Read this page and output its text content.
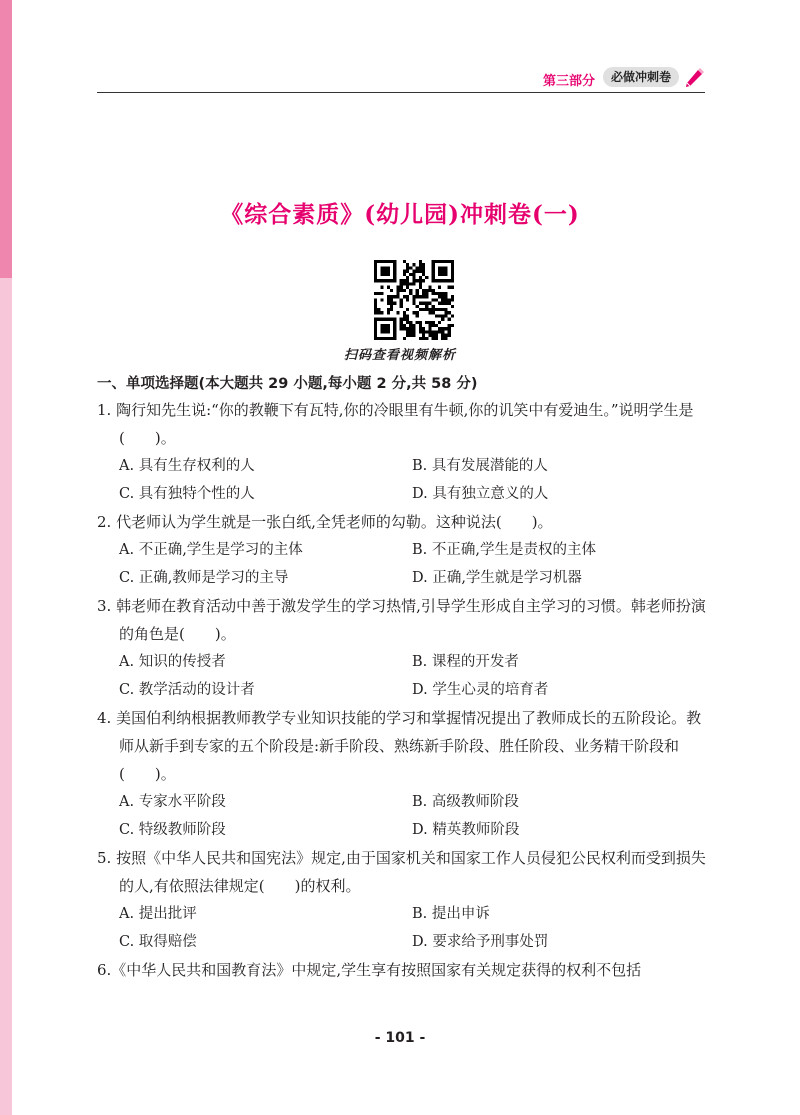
第三部分	必做冲刺卷
《综合素质》(幼儿园)冲刺卷(一)
扫码查看视频解析
一、单项选择题(本大题共 29 小题,每小题 2 分,共 58 分)

1. 陶行知先生说:“你的教鞭下有瓦特,你的冷眼里有牛顿,你的讥笑中有爱迪生。”说明学生是(　　)。

A. 具有生存权利的人	B. 具有发展潜能的人
C. 具有独特个性的人	D. 具有独立意义的人

2. 代老师认为学生就是一张白纸,全凭老师的勾勒。这种说法(　　)。

A. 不正确,学生是学习的主体	B. 不正确,学生是责权的主体
C. 正确,教师是学习的主导	D. 正确,学生就是学习机器

3. 韩老师在教育活动中善于激发学生的学习热情,引导学生形成自主学习的习惯。韩老师扮演的角色是(　　)。

A. 知识的传授者	B. 课程的开发者
C. 教学活动的设计者	D. 学生心灵的培育者

4. 美国伯利纳根据教师教学专业知识技能的学习和掌握情况提出了教师成长的五阶段论。教师从新手到专家的五个阶段是:新手阶段、熟练新手阶段、胜任阶段、业务精干阶段和(　　)。

A. 专家水平阶段	B. 高级教师阶段
C. 特级教师阶段	D. 精英教师阶段

5. 按照《中华人民共和国宪法》规定,由于国家机关和国家工作人员侵犯公民权利而受到损失的人,有依照法律规定(　　)的权利。

A. 提出批评	B. 提出申诉
C. 取得赔偿	D. 要求给予刑事处罚

6.《中华人民共和国教育法》中规定,学生享有按照国家有关规定获得的权利不包括

- 101 -
